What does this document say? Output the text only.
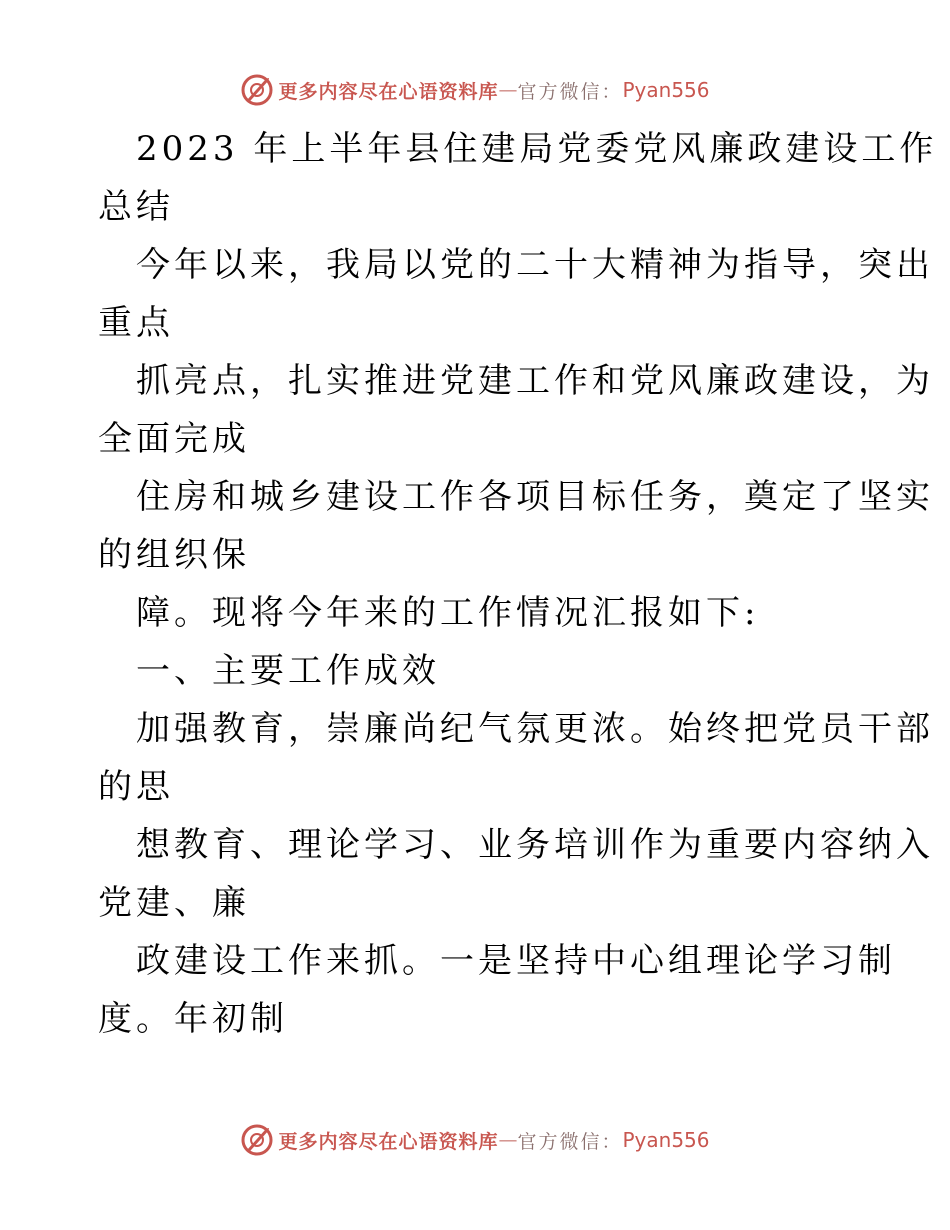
更多内容尽在心语资料库 — 官方微信： Pyan556
2023 年上半年县住建局党委党风廉政建设工作
总结
今年以来，我局以党的二十大精神为指导，突出
重点
抓亮点，扎实推进党建工作和党风廉政建设，为
全面完成
住房和城乡建设工作各项目标任务，奠定了坚实
的组织保
障。现将今年来的工作情况汇报如下:
一、主要工作成效
加强教育，崇廉尚纪气氛更浓。始终把党员干部
的思
想教育、理论学习、业务培训作为重要内容纳入
党建、廉
政建设工作来抓。一是坚持中心组理论学习制
度。年初制
更多内容尽在心语资料库 — 官方微信： Pyan556
